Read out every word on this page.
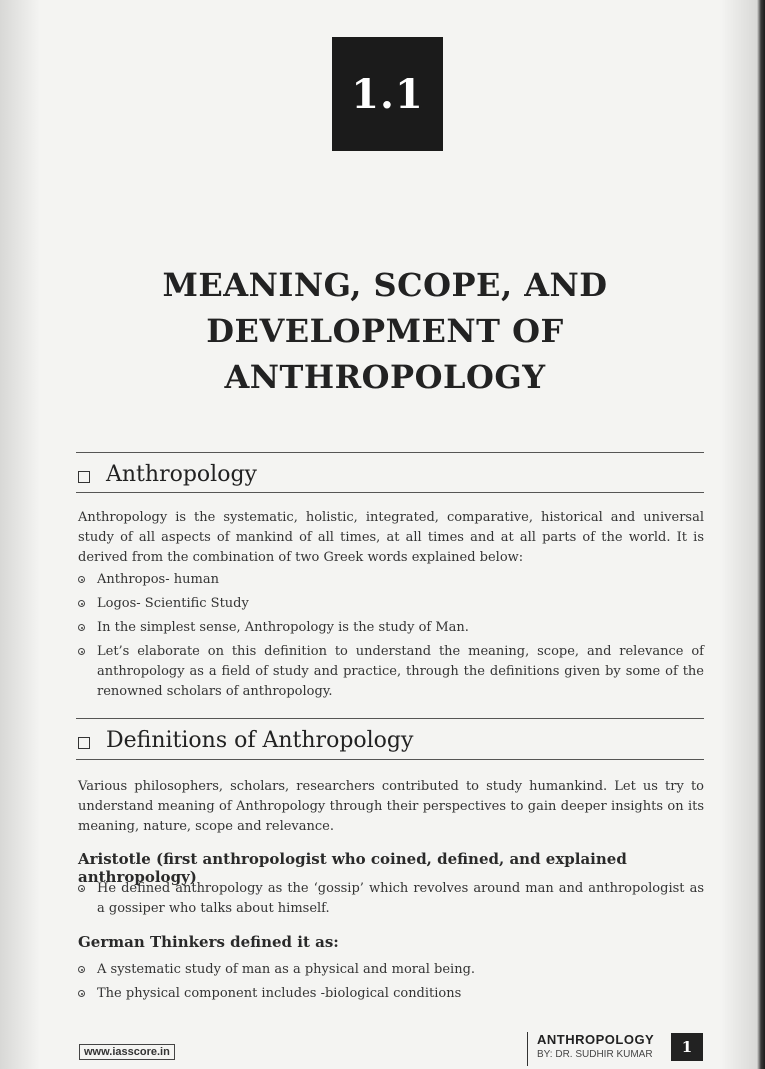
1.1
MEANING, SCOPE, AND
DEVELOPMENT OF ANTHROPOLOGY
Anthropology
Anthropology is the systematic, holistic, integrated, comparative, historical and universal study of all aspects of mankind of all times, at all times and at all parts of the world. It is derived from the combination of two Greek words explained below:
Anthropos- human
Logos- Scientific Study
In the simplest sense, Anthropology is the study of Man.
Let’s elaborate on this definition to understand the meaning, scope, and relevance of anthropology as a field of study and practice, through the definitions given by some of the renowned scholars of anthropology.
Definitions of Anthropology
Various philosophers, scholars, researchers contributed to study humankind. Let us try to understand meaning of Anthropology through their perspectives to gain deeper insights on its meaning, nature, scope and relevance.
Aristotle (first anthropologist who coined, defined, and explained anthropology)
He defined anthropology as the ‘gossip’ which revolves around man and anthropologist as a gossiper who talks about himself.
German Thinkers defined it as:
A systematic study of man as a physical and moral being.
The physical component includes -biological conditions
www.iasscore.in
ANTHROPOLOGY
BY: DR. SUDHIR KUMAR	1
